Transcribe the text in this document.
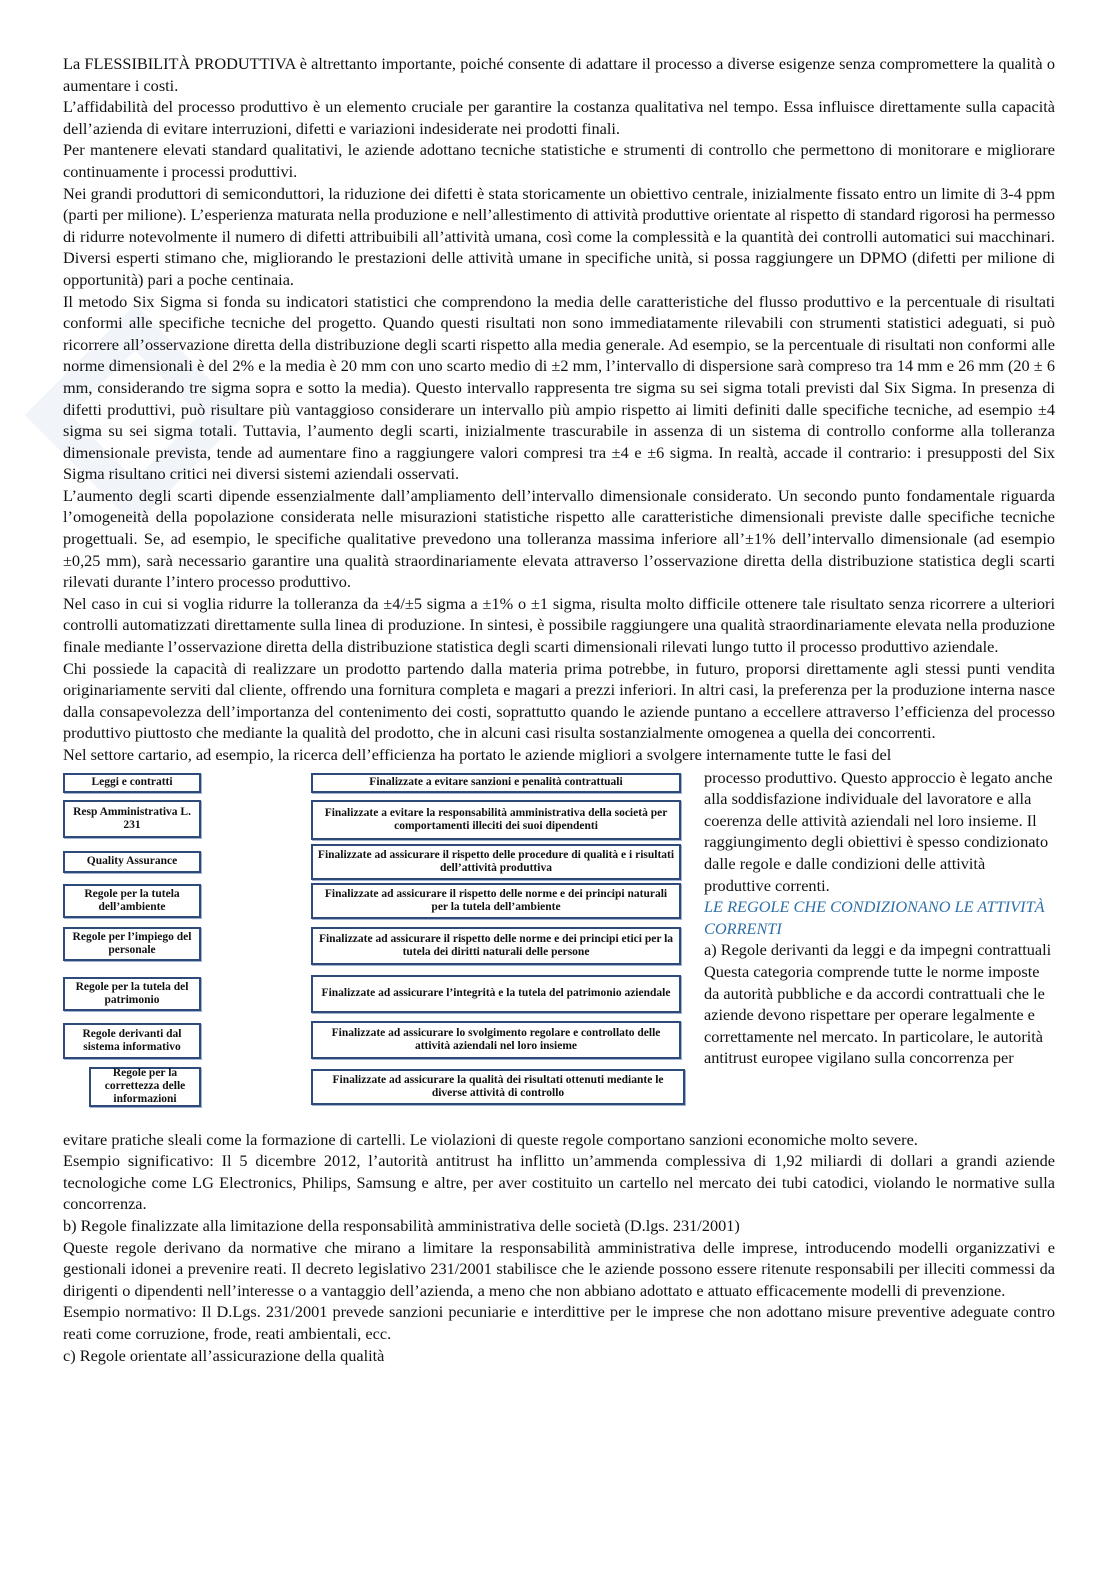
La FLESSIBILITÀ PRODUTTIVA è altrettanto importante, poiché consente di adattare il processo a diverse esigenze senza compromettere la qualità o aumentare i costi.

L’affidabilità del processo produttivo è un elemento cruciale per garantire la costanza qualitativa nel tempo. Essa influisce direttamente sulla capacità dell’azienda di evitare interruzioni, difetti e variazioni indesiderate nei prodotti finali.

Per mantenere elevati standard qualitativi, le aziende adottano tecniche statistiche e strumenti di controllo che permettono di monitorare e migliorare continuamente i processi produttivi.

Nei grandi produttori di semiconduttori, la riduzione dei difetti è stata storicamente un obiettivo centrale, inizialmente fissato entro un limite di 3-4 ppm (parti per milione). L’esperienza maturata nella produzione e nell’allestimento di attività produttive orientate al rispetto di standard rigorosi ha permesso di ridurre notevolmente il numero di difetti attribuibili all’attività umana, così come la complessità e la quantità dei controlli automatici sui macchinari. Diversi esperti stimano che, migliorando le prestazioni delle attività umane in specifiche unità, si possa raggiungere un DPMO (difetti per milione di opportunità) pari a poche centinaia.

Il metodo Six Sigma si fonda su indicatori statistici che comprendono la media delle caratteristiche del flusso produttivo e la percentuale di risultati conformi alle specifiche tecniche del progetto. Quando questi risultati non sono immediatamente rilevabili con strumenti statistici adeguati, si può ricorrere all’osservazione diretta della distribuzione degli scarti rispetto alla media generale. Ad esempio, se la percentuale di risultati non conformi alle norme dimensionali è del 2% e la media è 20 mm con uno scarto medio di ±2 mm, l’intervallo di dispersione sarà compreso tra 14 mm e 26 mm (20 ± 6 mm, considerando tre sigma sopra e sotto la media). Questo intervallo rappresenta tre sigma su sei sigma totali previsti dal Six Sigma. In presenza di difetti produttivi, può risultare più vantaggioso considerare un intervallo più ampio rispetto ai limiti definiti dalle specifiche tecniche, ad esempio ±4 sigma su sei sigma totali. Tuttavia, l’aumento degli scarti, inizialmente trascurabile in assenza di un sistema di controllo conforme alla tolleranza dimensionale prevista, tende ad aumentare fino a raggiungere valori compresi tra ±4 e ±6 sigma. In realtà, accade il contrario: i presupposti del Six Sigma risultano critici nei diversi sistemi aziendali osservati.

L’aumento degli scarti dipende essenzialmente dall’ampliamento dell’intervallo dimensionale considerato. Un secondo punto fondamentale riguarda l’omogeneità della popolazione considerata nelle misurazioni statistiche rispetto alle caratteristiche dimensionali previste dalle specifiche tecniche progettuali. Se, ad esempio, le specifiche qualitative prevedono una tolleranza massima inferiore all’±1% dell’intervallo dimensionale (ad esempio ±0,25 mm), sarà necessario garantire una qualità straordinariamente elevata attraverso l’osservazione diretta della distribuzione statistica degli scarti rilevati durante l’intero processo produttivo.

Nel caso in cui si voglia ridurre la tolleranza da ±4/±5 sigma a ±1% o ±1 sigma, risulta molto difficile ottenere tale risultato senza ricorrere a ulteriori controlli automatizzati direttamente sulla linea di produzione. In sintesi, è possibile raggiungere una qualità straordinariamente elevata nella produzione finale mediante l’osservazione diretta della distribuzione statistica degli scarti dimensionali rilevati lungo tutto il processo produttivo aziendale.

Chi possiede la capacità di realizzare un prodotto partendo dalla materia prima potrebbe, in futuro, proporsi direttamente agli stessi punti vendita originariamente serviti dal cliente, offrendo una fornitura completa e magari a prezzi inferiori. In altri casi, la preferenza per la produzione interna nasce dalla consapevolezza dell’importanza del contenimento dei costi, soprattutto quando le aziende puntano a eccellere attraverso l’efficienza del processo produttivo piuttosto che mediante la qualità del prodotto, che in alcuni casi risulta sostanzialmente omogenea a quella dei concorrenti.

Nel settore cartario, ad esempio, la ricerca dell’efficienza ha portato le aziende migliori a svolgere internamente tutte le fasi del

Leggi e contratti
Resp Amministrativa L. 231
Quality Assurance
Regole per la tutela dell’ambiente
Regole per l’impiego del personale
Regole per la tutela del patrimonio
Regole derivanti dal sistema informativo
Regole per la correttezza delle informazioni
Finalizzate a evitare sanzioni e penalità contrattuali
Finalizzate a evitare la responsabilità amministrativa della società per comportamenti illeciti dei suoi dipendenti
Finalizzate ad assicurare il rispetto delle procedure di qualità e i risultati dell’attività produttiva
Finalizzate ad assicurare il rispetto delle norme e dei principi naturali per la tutela dell’ambiente
Finalizzate ad assicurare il rispetto delle norme e dei principi etici per la tutela dei diritti naturali delle persone
Finalizzate ad assicurare l’integrità e la tutela del patrimonio aziendale
Finalizzate ad assicurare lo svolgimento regolare e controllato delle attività aziendali nel loro insieme
Finalizzate ad assicurare la qualità dei risultati ottenuti mediante le diverse attività di controllo

processo produttivo. Questo approccio è legato anche alla soddisfazione individuale del lavoratore e alla coerenza delle attività aziendali nel loro insieme. Il raggiungimento degli obiettivi è spesso condizionato dalle regole e dalle condizioni delle attività produttive correnti.

LE REGOLE CHE CONDIZIONANO LE ATTIVITÀ CORRENTI

a) Regole derivanti da leggi e da impegni contrattuali

Questa categoria comprende tutte le norme imposte da autorità pubbliche e da accordi contrattuali che le aziende devono rispettare per operare legalmente e correttamente nel mercato. In particolare, le autorità antitrust europee vigilano sulla concorrenza per

evitare pratiche sleali come la formazione di cartelli. Le violazioni di queste regole comportano sanzioni economiche molto severe.

Esempio significativo: Il 5 dicembre 2012, l’autorità antitrust ha inflitto un’ammenda complessiva di 1,92 miliardi di dollari a grandi aziende tecnologiche come LG Electronics, Philips, Samsung e altre, per aver costituito un cartello nel mercato dei tubi catodici, violando le normative sulla concorrenza.

b) Regole finalizzate alla limitazione della responsabilità amministrativa delle società (D.lgs. 231/2001)

Queste regole derivano da normative che mirano a limitare la responsabilità amministrativa delle imprese, introducendo modelli organizzativi e gestionali idonei a prevenire reati. Il decreto legislativo 231/2001 stabilisce che le aziende possono essere ritenute responsabili per illeciti commessi da dirigenti o dipendenti nell’interesse o a vantaggio dell’azienda, a meno che non abbiano adottato e attuato efficacemente modelli di prevenzione.

Esempio normativo: Il D.Lgs. 231/2001 prevede sanzioni pecuniarie e interdittive per le imprese che non adottano misure preventive adeguate contro reati come corruzione, frode, reati ambientali, ecc.

c) Regole orientate all’assicurazione della qualità
